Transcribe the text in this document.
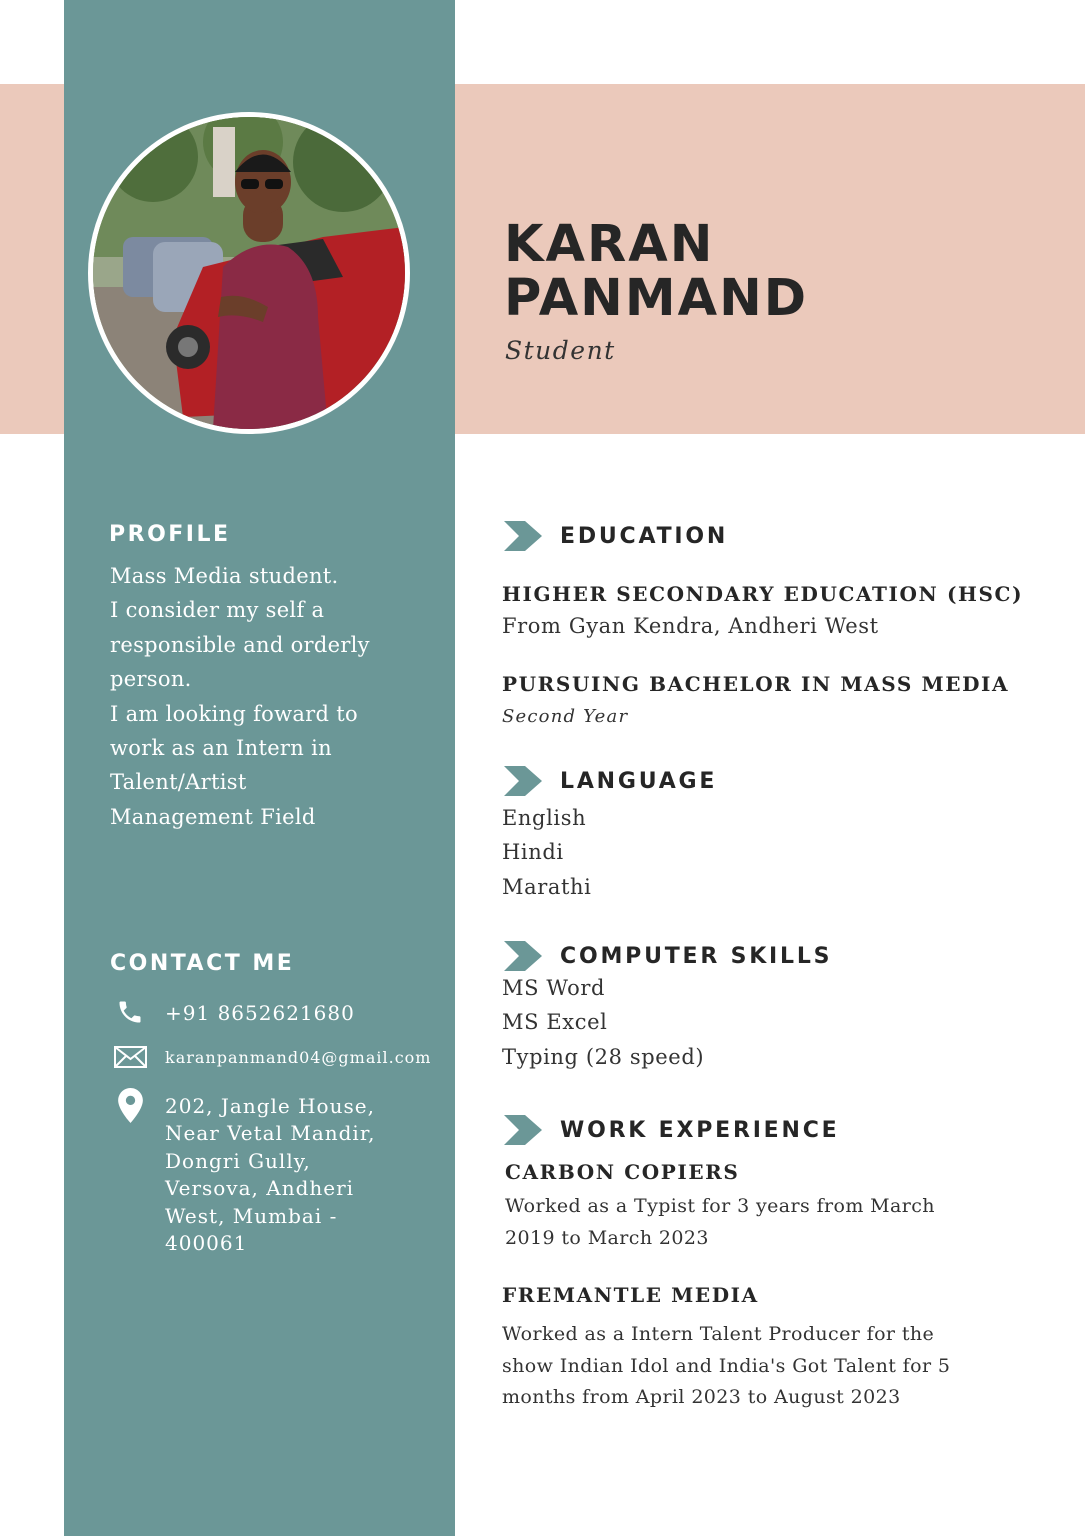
KARAN
PANMAND
Student
PROFILE
Mass Media student.
I consider my self a
responsible and orderly
person.
I am looking foward to
work as an Intern in
Talent/Artist
Management Field
CONTACT ME
+91 8652621680
karanpanmand04@gmail.com
202, Jangle House,
Near Vetal Mandir,
Dongri Gully,
Versova, Andheri
West, Mumbai -
400061
EDUCATION
HIGHER SECONDARY EDUCATION (HSC)
From Gyan Kendra, Andheri West
PURSUING BACHELOR IN MASS MEDIA
Second Year
LANGUAGE
English
Hindi
Marathi
COMPUTER SKILLS
MS Word
MS Excel
Typing (28 speed)
WORK EXPERIENCE
CARBON COPIERS
Worked as a Typist for 3 years from March
2019 to March 2023
FREMANTLE MEDIA
Worked as a Intern Talent Producer for the
show Indian Idol and India's Got Talent for 5
months from April 2023 to August 2023
